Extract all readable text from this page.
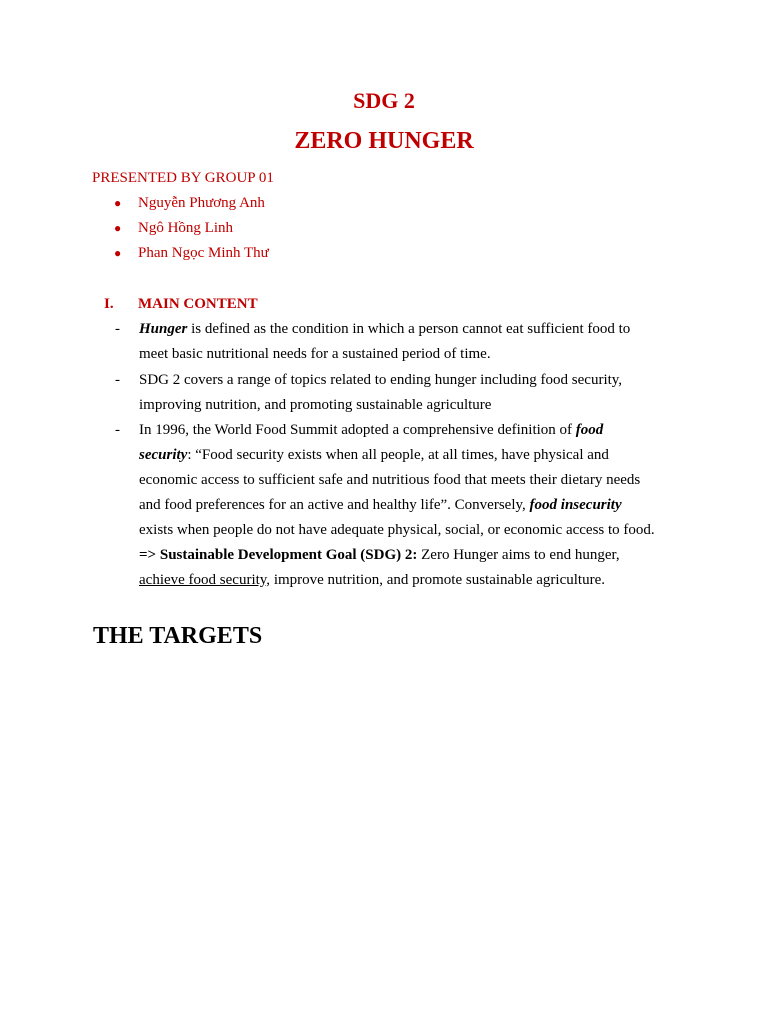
SDG 2
ZERO HUNGER
PRESENTED BY GROUP 01
● Nguyễn Phương Anh
● Ngô Hồng Linh
● Phan Ngọc Minh Thư
I. MAIN CONTENT
- Hunger is defined as the condition in which a person cannot eat sufficient food to
meet basic nutritional needs for a sustained period of time.
- SDG 2 covers a range of topics related to ending hunger including food security,
improving nutrition, and promoting sustainable agriculture
- In 1996, the World Food Summit adopted a comprehensive definition of food
security: “Food security exists when all people, at all times, have physical and
economic access to sufficient safe and nutritious food that meets their dietary needs
and food preferences for an active and healthy life”. Conversely, food insecurity
exists when people do not have adequate physical, social, or economic access to food.
=> Sustainable Development Goal (SDG) 2: Zero Hunger aims to end hunger,
achieve food security, improve nutrition, and promote sustainable agriculture.
THE TARGETS
